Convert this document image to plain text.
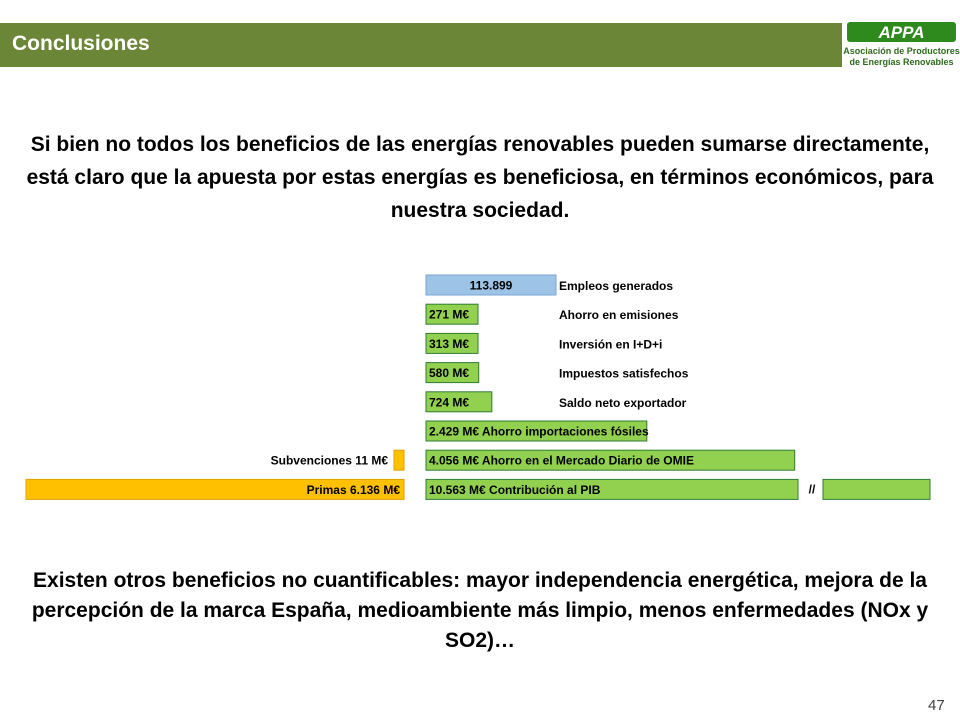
Conclusiones	APPA
Asociación de Productores
de Energías Renovables
Si bien no todos los beneficios de las energías renovables pueden sumarse directamente, está claro que la apuesta por estas energías es beneficiosa, en términos económicos, para nuestra sociedad.
113.899	Empleos generados
271 M€	Ahorro en emisiones
313 M€	Inversión en I+D+i
580 M€	Impuestos satisfechos
724 M€	Saldo neto exportador
2.429 M€ Ahorro importaciones fósiles
4.056 M€ Ahorro en el Mercado Diario de OMIE
//
10.563 M€ Contribución al PIB
Subvenciones 11 M€
Primas 6.136 M€
Existen otros beneficios no cuantificables: mayor independencia energética, mejora de la percepción de la marca España, medioambiente más limpio, menos enfermedades (NOx y SO2)…
47
